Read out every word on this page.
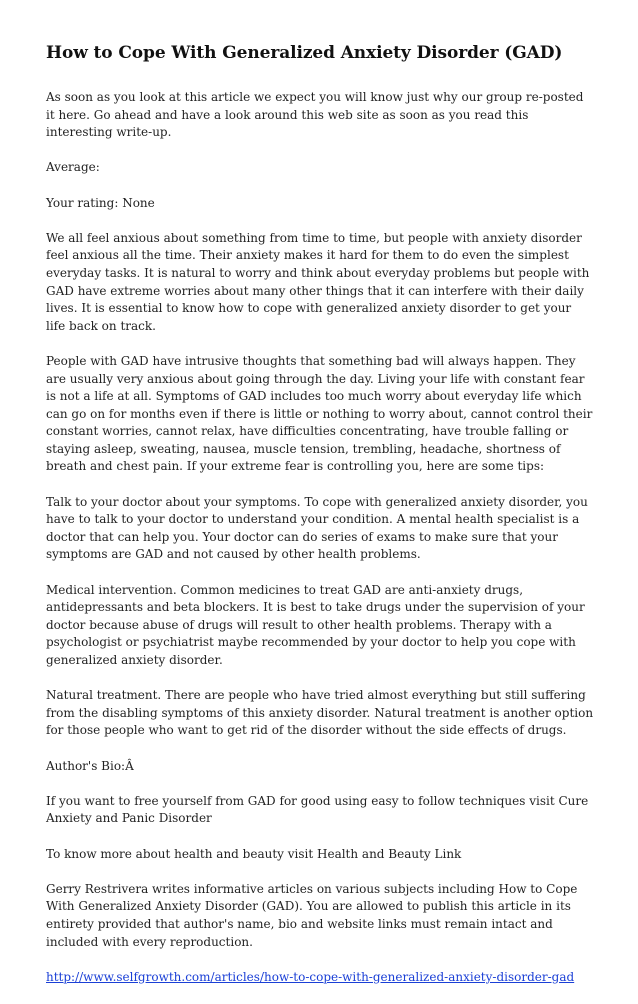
How to Cope With Generalized Anxiety Disorder (GAD)

As soon as you look at this article we expect you will know just why our group re-posted it here. Go ahead and have a look around this web site as soon as you read this interesting write-up.

Average:

Your rating: None

We all feel anxious about something from time to time, but people with anxiety disorder feel anxious all the time. Their anxiety makes it hard for them to do even the simplest everyday tasks. It is natural to worry and think about everyday problems but people with GAD have extreme worries about many other things that it can interfere with their daily lives. It is essential to know how to cope with generalized anxiety disorder to get your life back on track.

People with GAD have intrusive thoughts that something bad will always happen. They are usually very anxious about going through the day. Living your life with constant fear is not a life at all. Symptoms of GAD includes too much worry about everyday life which can go on for months even if there is little or nothing to worry about, cannot control their constant worries, cannot relax, have difficulties concentrating, have trouble falling or staying asleep, sweating, nausea, muscle tension, trembling, headache, shortness of breath and chest pain. If your extreme fear is controlling you, here are some tips:

Talk to your doctor about your symptoms. To cope with generalized anxiety disorder, you have to talk to your doctor to understand your condition. A mental health specialist is a doctor that can help you. Your doctor can do series of exams to make sure that your symptoms are GAD and not caused by other health problems.

Medical intervention. Common medicines to treat GAD are anti-anxiety drugs, antidepressants and beta blockers. It is best to take drugs under the supervision of your doctor because abuse of drugs will result to other health problems. Therapy with a psychologist or psychiatrist maybe recommended by your doctor to help you cope with generalized anxiety disorder.

Natural treatment. There are people who have tried almost everything but still suffering from the disabling symptoms of this anxiety disorder. Natural treatment is another option for those people who want to get rid of the disorder without the side effects of drugs.

Author's Bio:Â

If you want to free yourself from GAD for good using easy to follow techniques visit Cure Anxiety and Panic Disorder

To know more about health and beauty visit Health and Beauty Link

Gerry Restrivera writes informative articles on various subjects including How to Cope With Generalized Anxiety Disorder (GAD). You are allowed to publish this article in its entirety provided that author's name, bio and website links must remain intact and included with every reproduction.

http://www.selfgrowth.com/articles/how-to-cope-with-generalized-anxiety-disorder-gad
